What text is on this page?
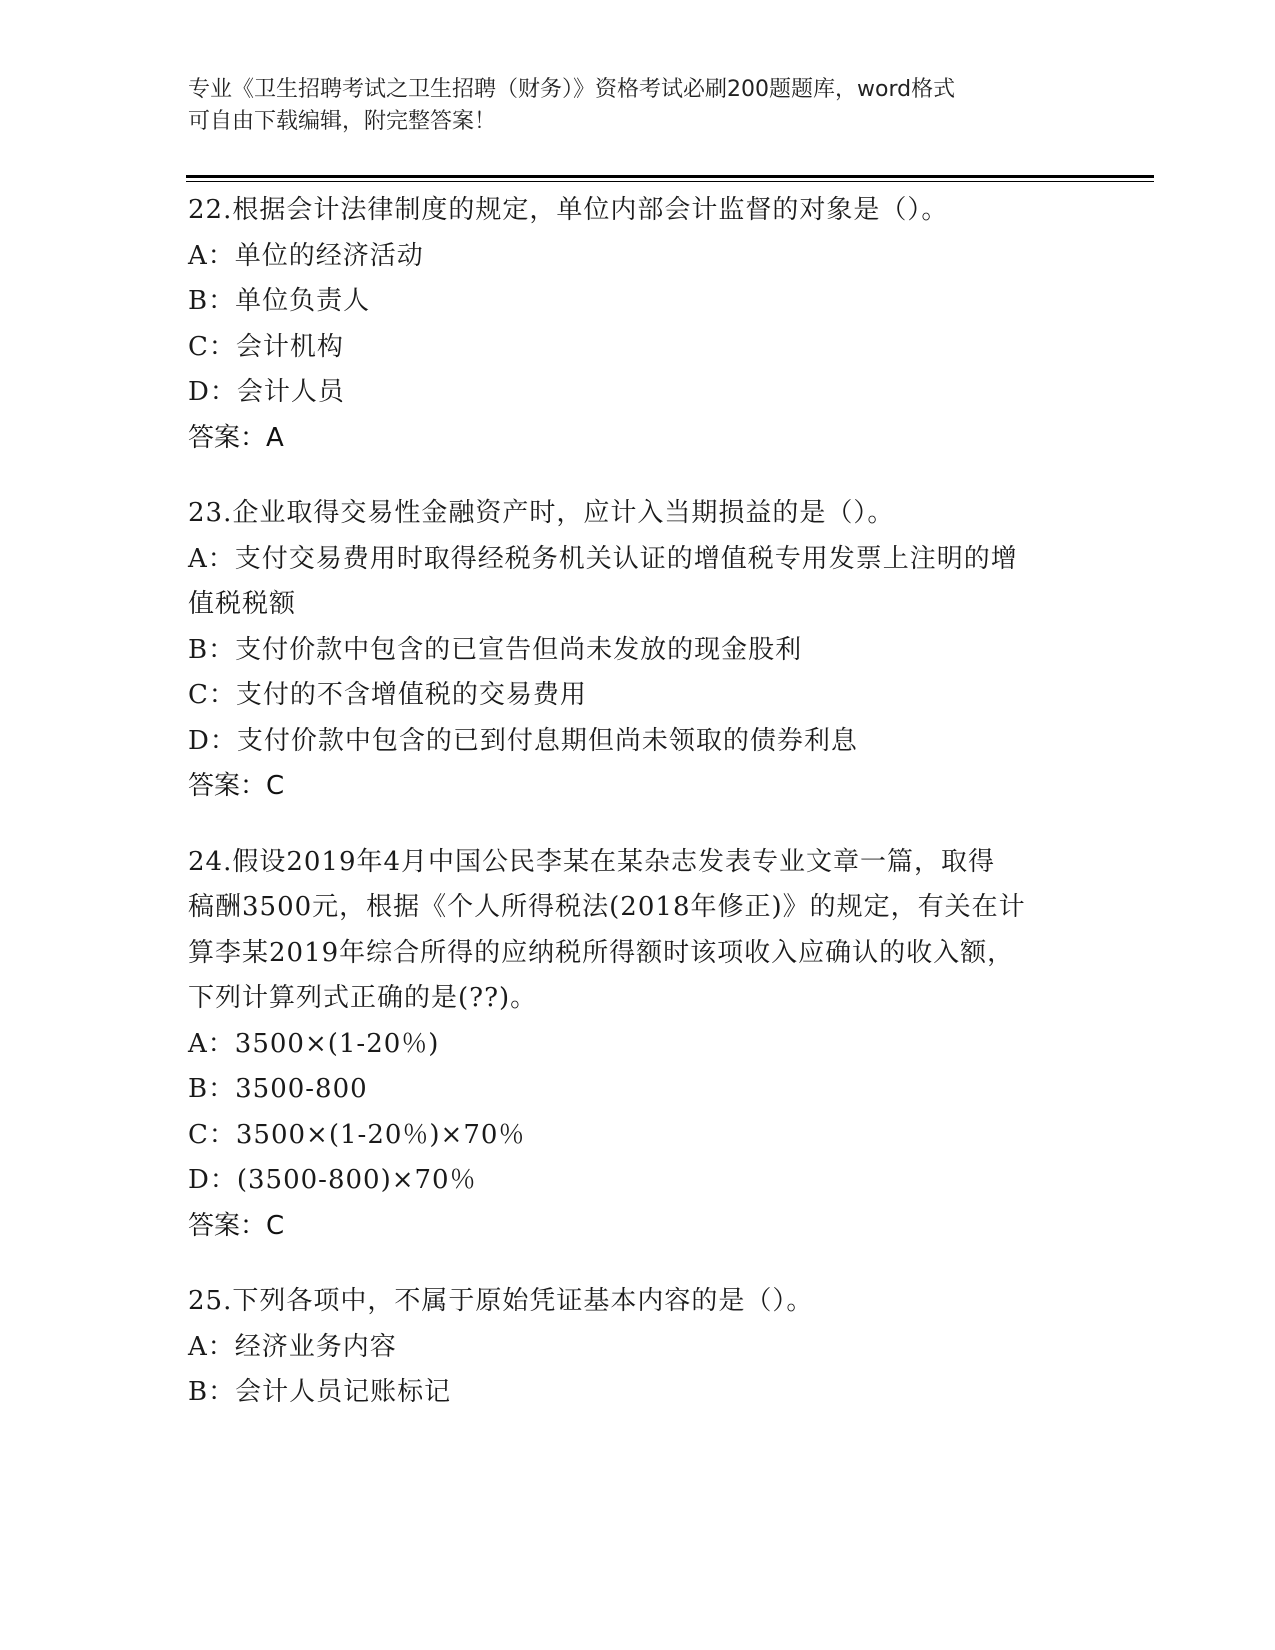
专业《卫生招聘考试之卫生招聘（财务）》资格考试必刷200题题库，word格式
可自由下载编辑，附完整答案！
22.根据会计法律制度的规定，单位内部会计监督的对象是（）。
A：单位的经济活动
B：单位负责人
C：会计机构
D：会计人员
答案：A
23.企业取得交易性金融资产时，应计入当期损益的是（）。
A：支付交易费用时取得经税务机关认证的增值税专用发票上注明的增
值税税额
B：支付价款中包含的已宣告但尚未发放的现金股利
C：支付的不含增值税的交易费用
D：支付价款中包含的已到付息期但尚未领取的债券利息
答案：C
24.假设2019年4月中国公民李某在某杂志发表专业文章一篇，取得
稿酬3500元，根据《个人所得税法(2018年修正)》的规定，有关在计
算李某2019年综合所得的应纳税所得额时该项收入应确认的收入额，
下列计算列式正确的是(??)。
A：3500×(1-20％)
B：3500-800
C：3500×(1-20％)×70％
D：(3500-800)×70％
答案：C
25.下列各项中，不属于原始凭证基本内容的是（）。
A：经济业务内容
B：会计人员记账标记
